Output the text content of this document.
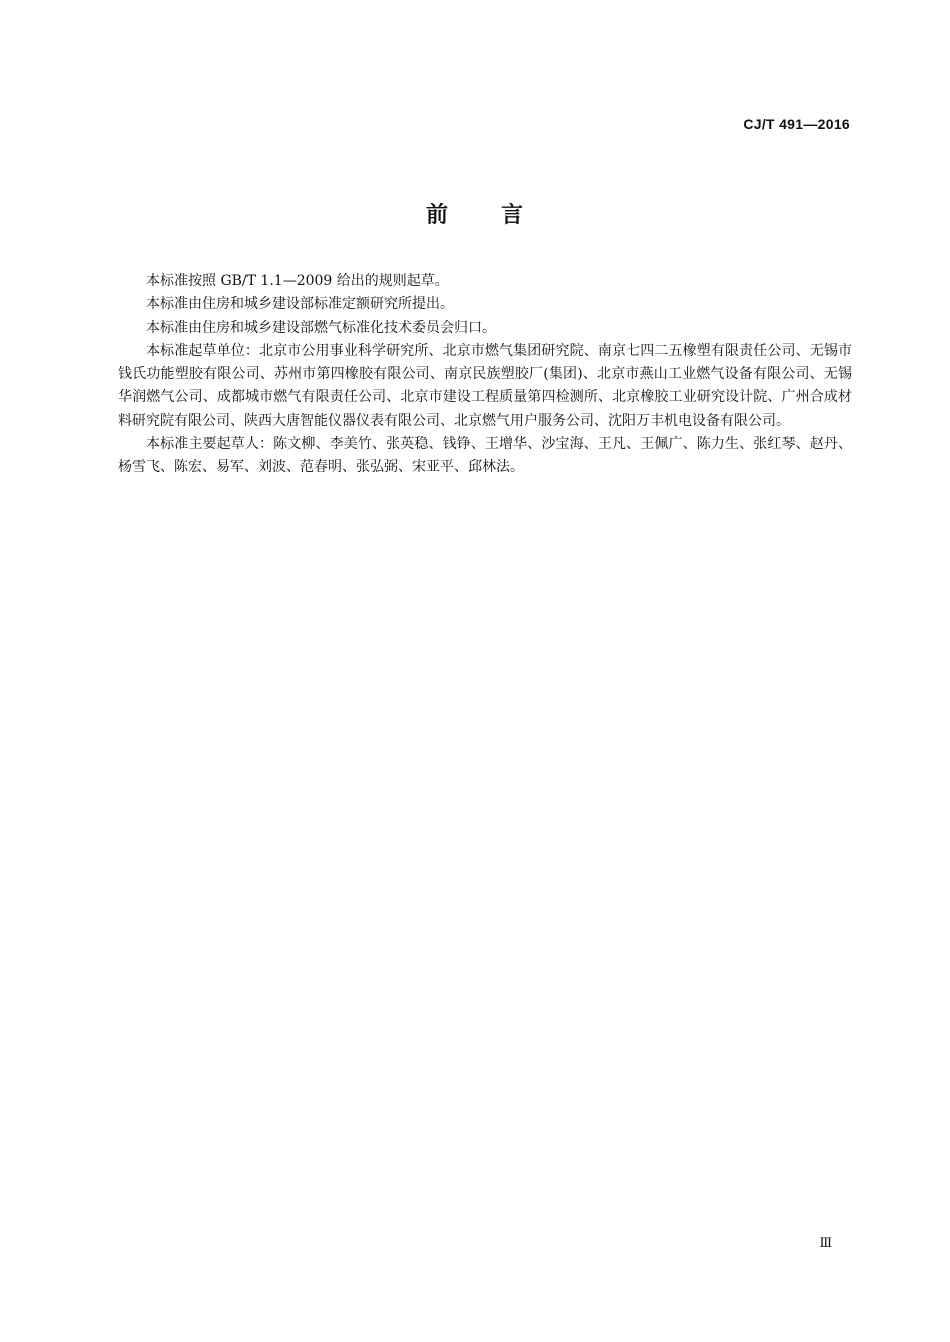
CJ/T 491—2016
前 言

本标准按照 GB/T 1.1—2009 给出的规则起草。

本标准由住房和城乡建设部标准定额研究所提出。

本标准由住房和城乡建设部燃气标准化技术委员会归口。

本标准起草单位：北京市公用事业科学研究所、北京市燃气集团研究院、南京七四二五橡塑有限责任公司、无锡市钱氏功能塑胶有限公司、苏州市第四橡胶有限公司、南京民族塑胶厂(集团)、北京市燕山工业燃气设备有限公司、无锡华润燃气公司、成都城市燃气有限责任公司、北京市建设工程质量第四检测所、北京橡胶工业研究设计院、广州合成材料研究院有限公司、陕西大唐智能仪器仪表有限公司、北京燃气用户服务公司、沈阳万丰机电设备有限公司。

本标准主要起草人：陈文柳、李美竹、张英稳、钱铮、王增华、沙宝海、王凡、王佩广、陈力生、张红琴、赵丹、杨雪飞、陈宏、易军、刘波、范春明、张弘弼、宋亚平、邱林法。

Ⅲ
